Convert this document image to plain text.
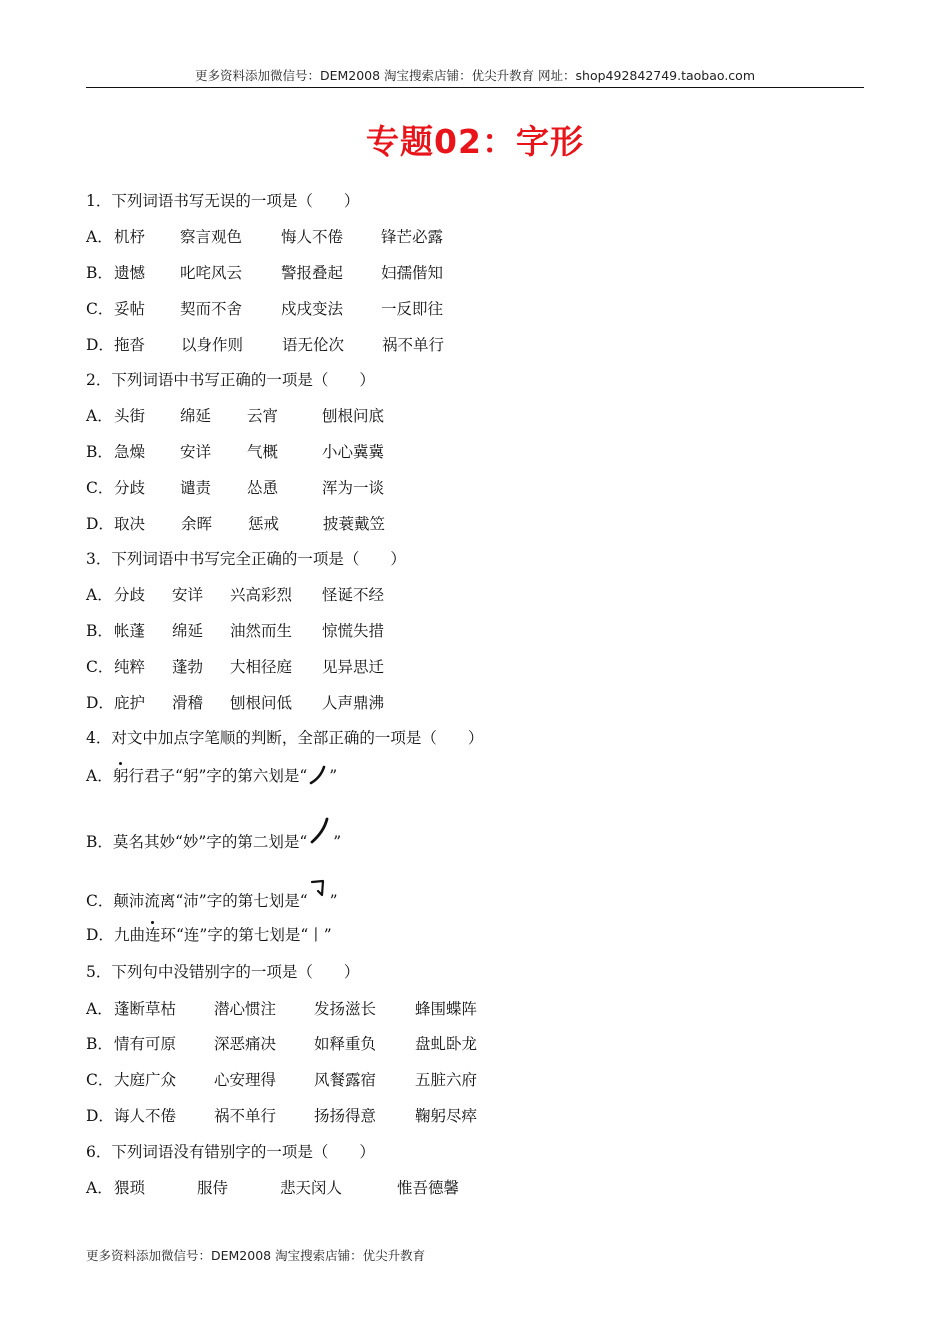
更多资料添加微信号：DEM2008 淘宝搜索店铺：优尖升教育 网址：shop492842749.taobao.com
专题02：字形
1．下列词语书写无误的一项是（　　）
A． 机杼 察言观色	悔人不倦 锋芒必露
B． 遗憾 叱咤风云	警报叠起 妇孺偕知
C． 妥帖 契而不舍	戍戌变法 一反即往
D． 拖沓 以身作则	语无伦次 祸不单行
2．下列词语中书写正确的一项是（　　）
A． 头街 绵延 云宵	刨根问底
B． 急燥 安详 气概	小心冀冀
C． 分歧 谴责 怂恿	浑为一谈
D． 取决 余晖 惩戒	披蓑戴笠
3．下列词语中书写完全正确的一项是（　　）
A． 分歧 安详 兴高彩烈 怪诞不经
B． 帐蓬 绵延 油然而生 惊慌失措
C． 纯粹 蓬勃 大相径庭 见异思迁
D． 庇护 滑稽 刨根问低 人声鼎沸
4．对文中加点字笔顺的判断，全部正确的一项是（　　）
A．躬行君子“躬”字的第六划是“ ”
B．莫名其妙“妙”字的第二划是“ ”
C．颠沛流离“沛”字的第七划是“ ”
D．九曲连环“连”字的第七划是“丨”
5．下列句中没错别字的一项是（　　）
A． 蓬断草枯 潜心惯注 发扬滋长	蜂围蝶阵
B． 情有可原 深恶痛决 如释重负	盘虬卧龙
C． 大庭广众 心安理得 风餐露宿	五脏六府
D． 诲人不倦 祸不单行 扬扬得意	鞠躬尽瘁
6．下列词语没有错别字的一项是（　　）
A． 猥琐	服侍	悲天闵人	惟吾德馨
更多资料添加微信号：DEM2008 淘宝搜索店铺：优尖升教育
